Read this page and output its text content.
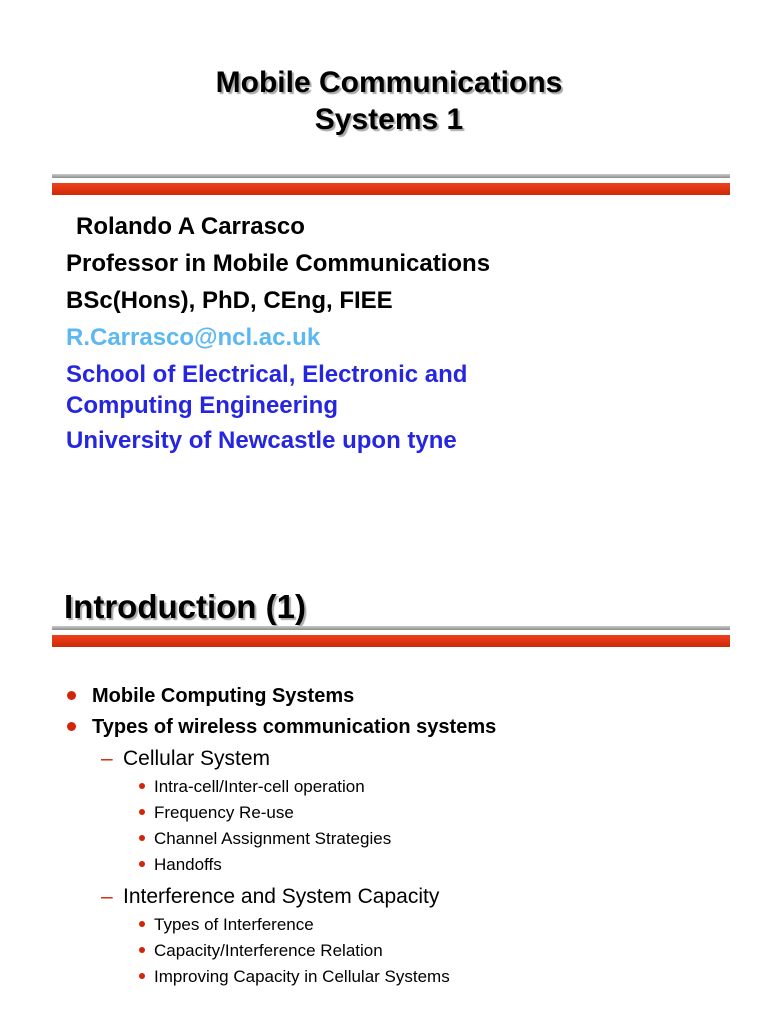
Mobile Communications
Systems 1
Rolando A Carrasco
Professor in Mobile Communications
BSc(Hons), PhD, CEng, FIEE
R.Carrasco@ncl.ac.uk
School of Electrical, Electronic and
Computing Engineering
University of Newcastle upon tyne
Introduction (1)
Mobile Computing Systems
Types of wireless communication systems
– Cellular System
Intra-cell/Inter-cell operation
Frequency Re-use
Channel Assignment Strategies
Handoffs
– Interference and System Capacity
Types of Interference
Capacity/Interference Relation
Improving Capacity in Cellular Systems
